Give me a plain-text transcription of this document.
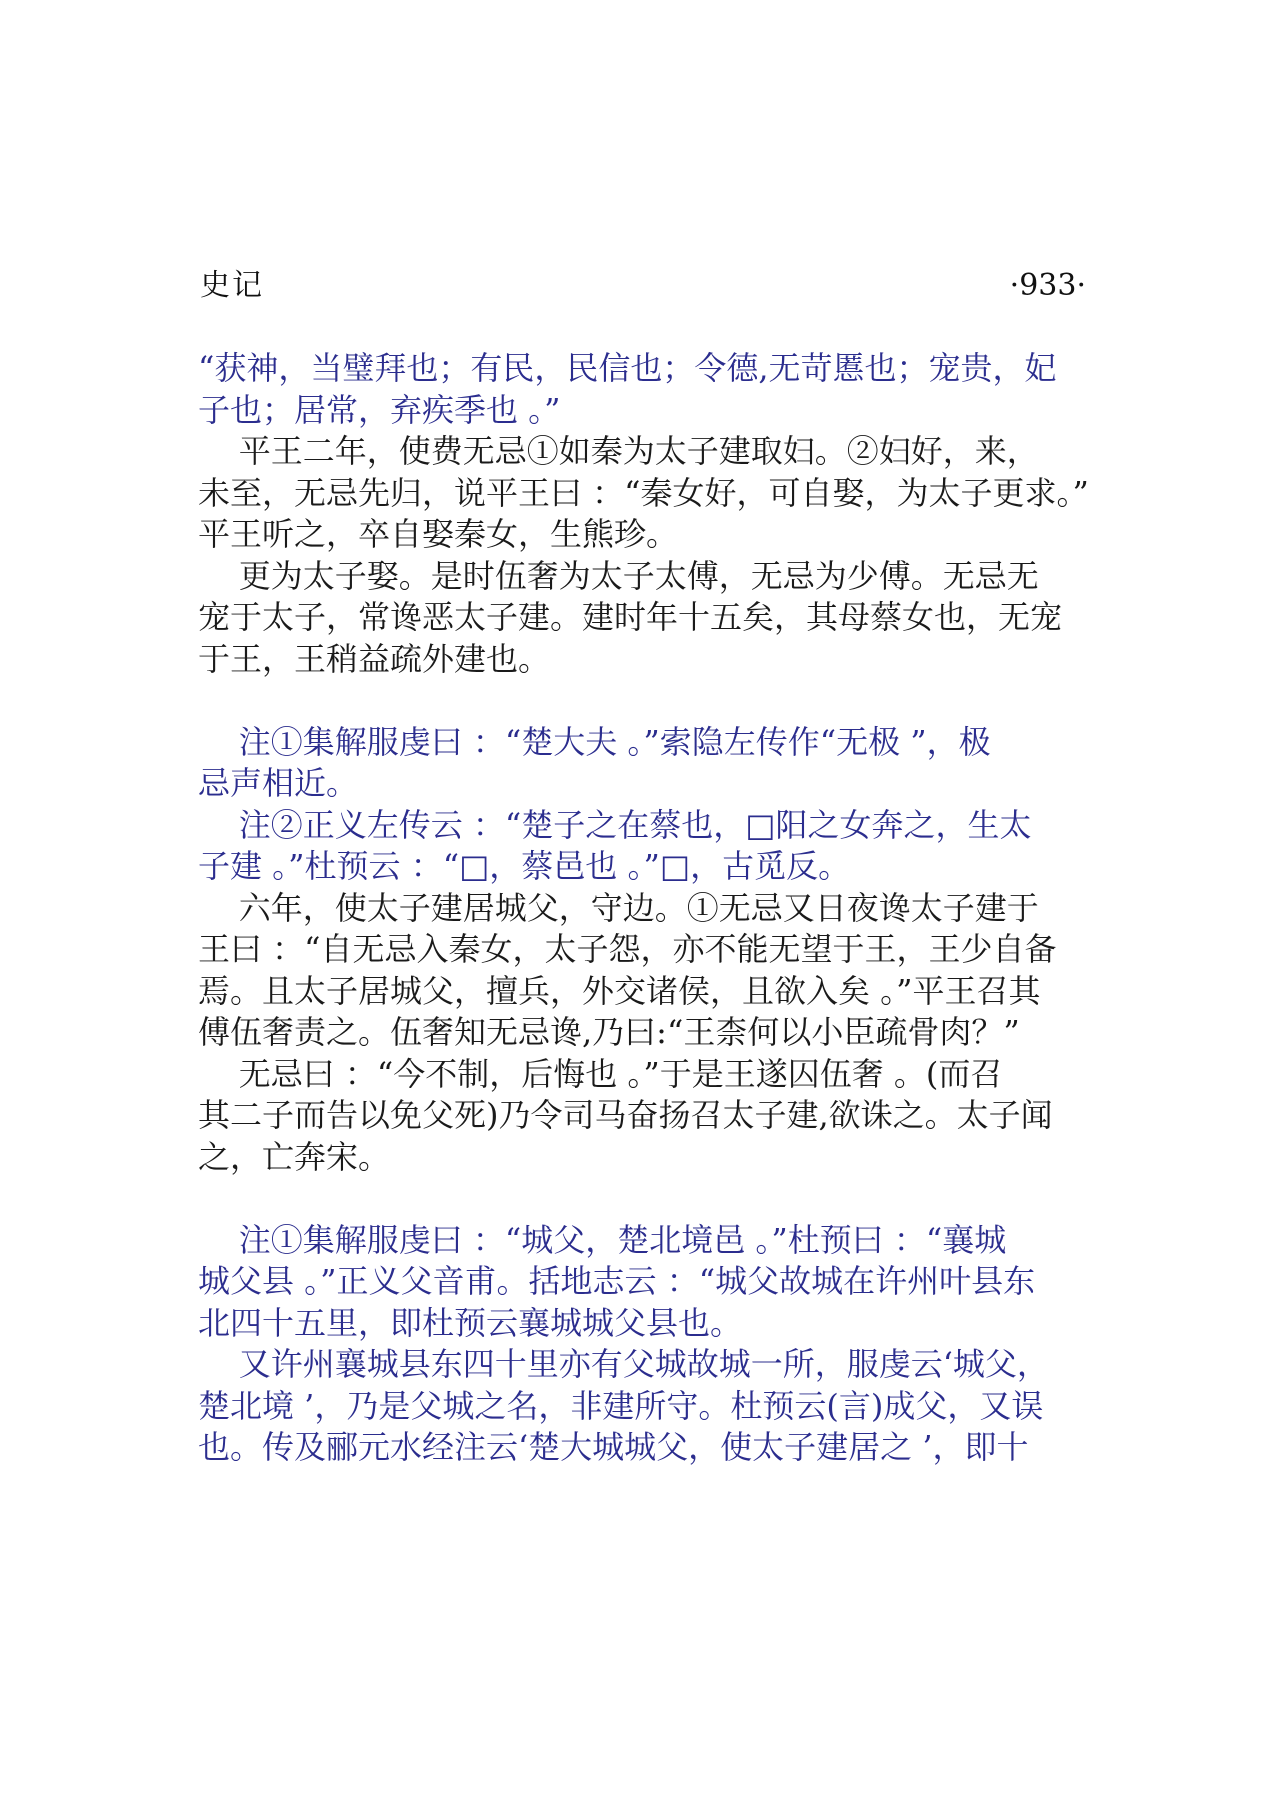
史记	·933·
“获神，当璧拜也；有民，民信也；令德,无苛慝也；宠贵，妃
子也；居常，弃疾季也 。”
平王二年，使费无忌①如秦为太子建取妇。②妇好，来，
未至，无忌先归，说平王曰 ：“秦女好，可自娶，为太子更求。”
平王听之，卒自娶秦女，生熊珍。
更为太子娶。是时伍奢为太子太傅，无忌为少傅。无忌无
宠于太子，常谗恶太子建。建时年十五矣，其母蔡女也，无宠
于王，王稍益疏外建也。
注①集解服虔曰 ：“楚大夫 。”索隐左传作“无极 ”，极
忌声相近。
注②正义左传云 ：“楚子之在蔡也，□阳之女奔之，生太
子建 。”杜预云 ：“□，蔡邑也 。”□，古觅反。
六年，使太子建居城父，守边。①无忌又日夜谗太子建于
王曰 ：“自无忌入秦女，太子怨，亦不能无望于王，王少自备
焉。且太子居城父，擅兵，外交诸侯，且欲入矣 。”平王召其
傅伍奢责之。伍奢知无忌谗,乃曰:“王柰何以小臣疏骨肉？”
无忌曰 ：“今不制，后悔也 。”于是王遂囚伍奢 。(而召
其二子而告以免父死)乃令司马奋扬召太子建,欲诛之。太子闻
之，亡奔宋。
注①集解服虔曰 ：“城父，楚北境邑 。”杜预曰 ：“襄城
城父县 。”正义父音甫。括地志云 ：“城父故城在许州叶县东
北四十五里，即杜预云襄城城父县也。
又许州襄城县东四十里亦有父城故城一所，服虔云‘城父，
楚北境 ’，乃是父城之名，非建所守。杜预云(言)成父，又误
也。传及郦元水经注云‘楚大城城父，使太子建居之 ’，即十
